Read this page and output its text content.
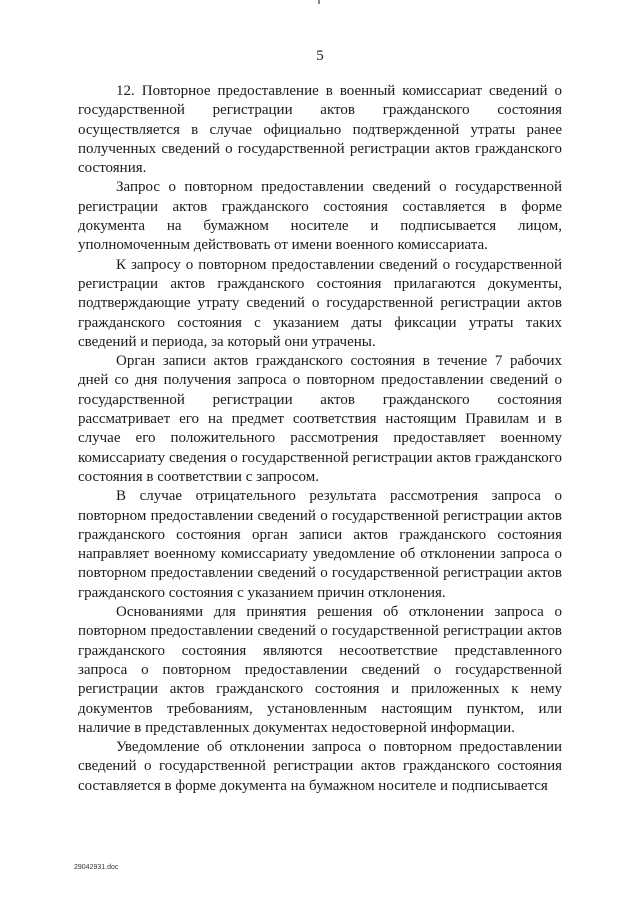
5

12. Повторное предоставление в военный комиссариат сведений о государственной регистрации актов гражданского состояния осуществляется в случае официально подтвержденной утраты ранее полученных сведений о государственной регистрации актов гражданского состояния.

Запрос о повторном предоставлении сведений о государственной регистрации актов гражданского состояния составляется в форме документа на бумажном носителе и подписывается лицом, уполномоченным действовать от имени военного комиссариата.

К запросу о повторном предоставлении сведений о государственной регистрации актов гражданского состояния прилагаются документы, подтверждающие утрату сведений о государственной регистрации актов гражданского состояния с указанием даты фиксации утраты таких сведений и периода, за который они утрачены.

Орган записи актов гражданского состояния в течение 7 рабочих дней со дня получения запроса о повторном предоставлении сведений о государственной регистрации актов гражданского состояния рассматривает его на предмет соответствия настоящим Правилам и в случае его положительного рассмотрения предоставляет военному комиссариату сведения о государственной регистрации актов гражданского состояния в соответствии с запросом.

В случае отрицательного результата рассмотрения запроса о повторном предоставлении сведений о государственной регистрации актов гражданского состояния орган записи актов гражданского состояния направляет военному комиссариату уведомление об отклонении запроса о повторном предоставлении сведений о государственной регистрации актов гражданского состояния с указанием причин отклонения.

Основаниями для принятия решения об отклонении запроса о повторном предоставлении сведений о государственной регистрации актов гражданского состояния являются несоответствие представленного запроса о повторном предоставлении сведений о государственной регистрации актов гражданского состояния и приложенных к нему документов требованиям, установленным настоящим пунктом, или наличие в представленных документах недостоверной информации.

Уведомление об отклонении запроса о повторном предоставлении сведений о государственной регистрации актов гражданского состояния составляется в форме документа на бумажном носителе и подписывается

29042931.doc
